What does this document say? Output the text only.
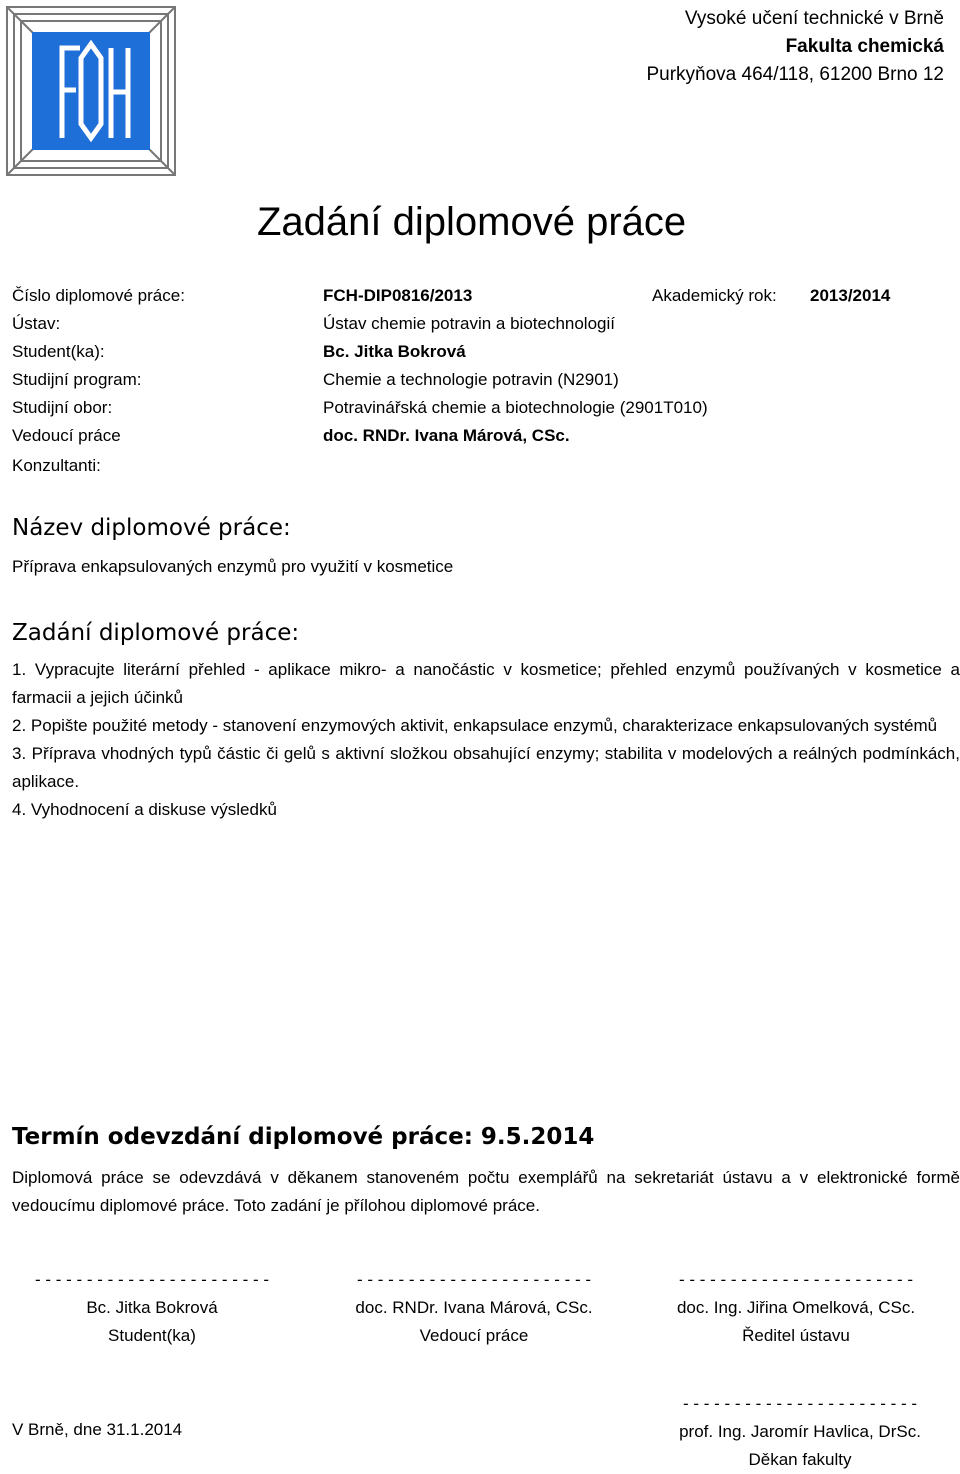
Vysoké učení technické v Brně
Fakulta chemická
Purkyňova 464/118, 61200 Brno 12
Zadání diplomové práce
Číslo diplomové práce:	FCH-DIP0816/2013	Akademický rok: 2013/2014
Ústav:	Ústav chemie potravin a biotechnologií
Student(ka):	Bc. Jitka Bokrová
Studijní program:	Chemie a technologie potravin (N2901)
Studijní obor:	Potravinářská chemie a biotechnologie (2901T010)
Vedoucí práce	doc. RNDr. Ivana Márová, CSc.
Konzultanti:
Název diplomové práce:
Příprava enkapsulovaných enzymů pro využití v kosmetice
Zadání diplomové práce:

1. Vypracujte literární přehled - aplikace mikro- a nanočástic v kosmetice; přehled enzymů používaných v kosmetice a farmacii a jejich účinků

2. Popište použité metody - stanovení enzymových aktivit, enkapsulace enzymů, charakterizace enkapsulovaných systémů

3. Příprava vhodných typů částic či gelů s aktivní složkou obsahující enzymy; stabilita v modelových a reálných podmínkách, aplikace.

4. Vyhodnocení a diskuse výsledků

Termín odevzdání diplomové práce: 9.5.2014
Diplomová práce se odevzdává v děkanem stanoveném počtu exemplářů na sekretariát ústavu a v elektronické formě vedoucímu diplomové práce. Toto zadání je přílohou diplomové práce.
- - - - - - - - - - - - - - - - - - - - - - -
Bc. Jitka Bokrová
Student(ka)
- - - - - - - - - - - - - - - - - - - - - - -
doc. RNDr. Ivana Márová, CSc.
Vedoucí práce
- - - - - - - - - - - - - - - - - - - - - - -
doc. Ing. Jiřina Omelková, CSc.
Ředitel ústavu
V Brně, dne 31.1.2014
- - - - - - - - - - - - - - - - - - - - - - -
prof. Ing. Jaromír Havlica, DrSc.
Děkan fakulty
